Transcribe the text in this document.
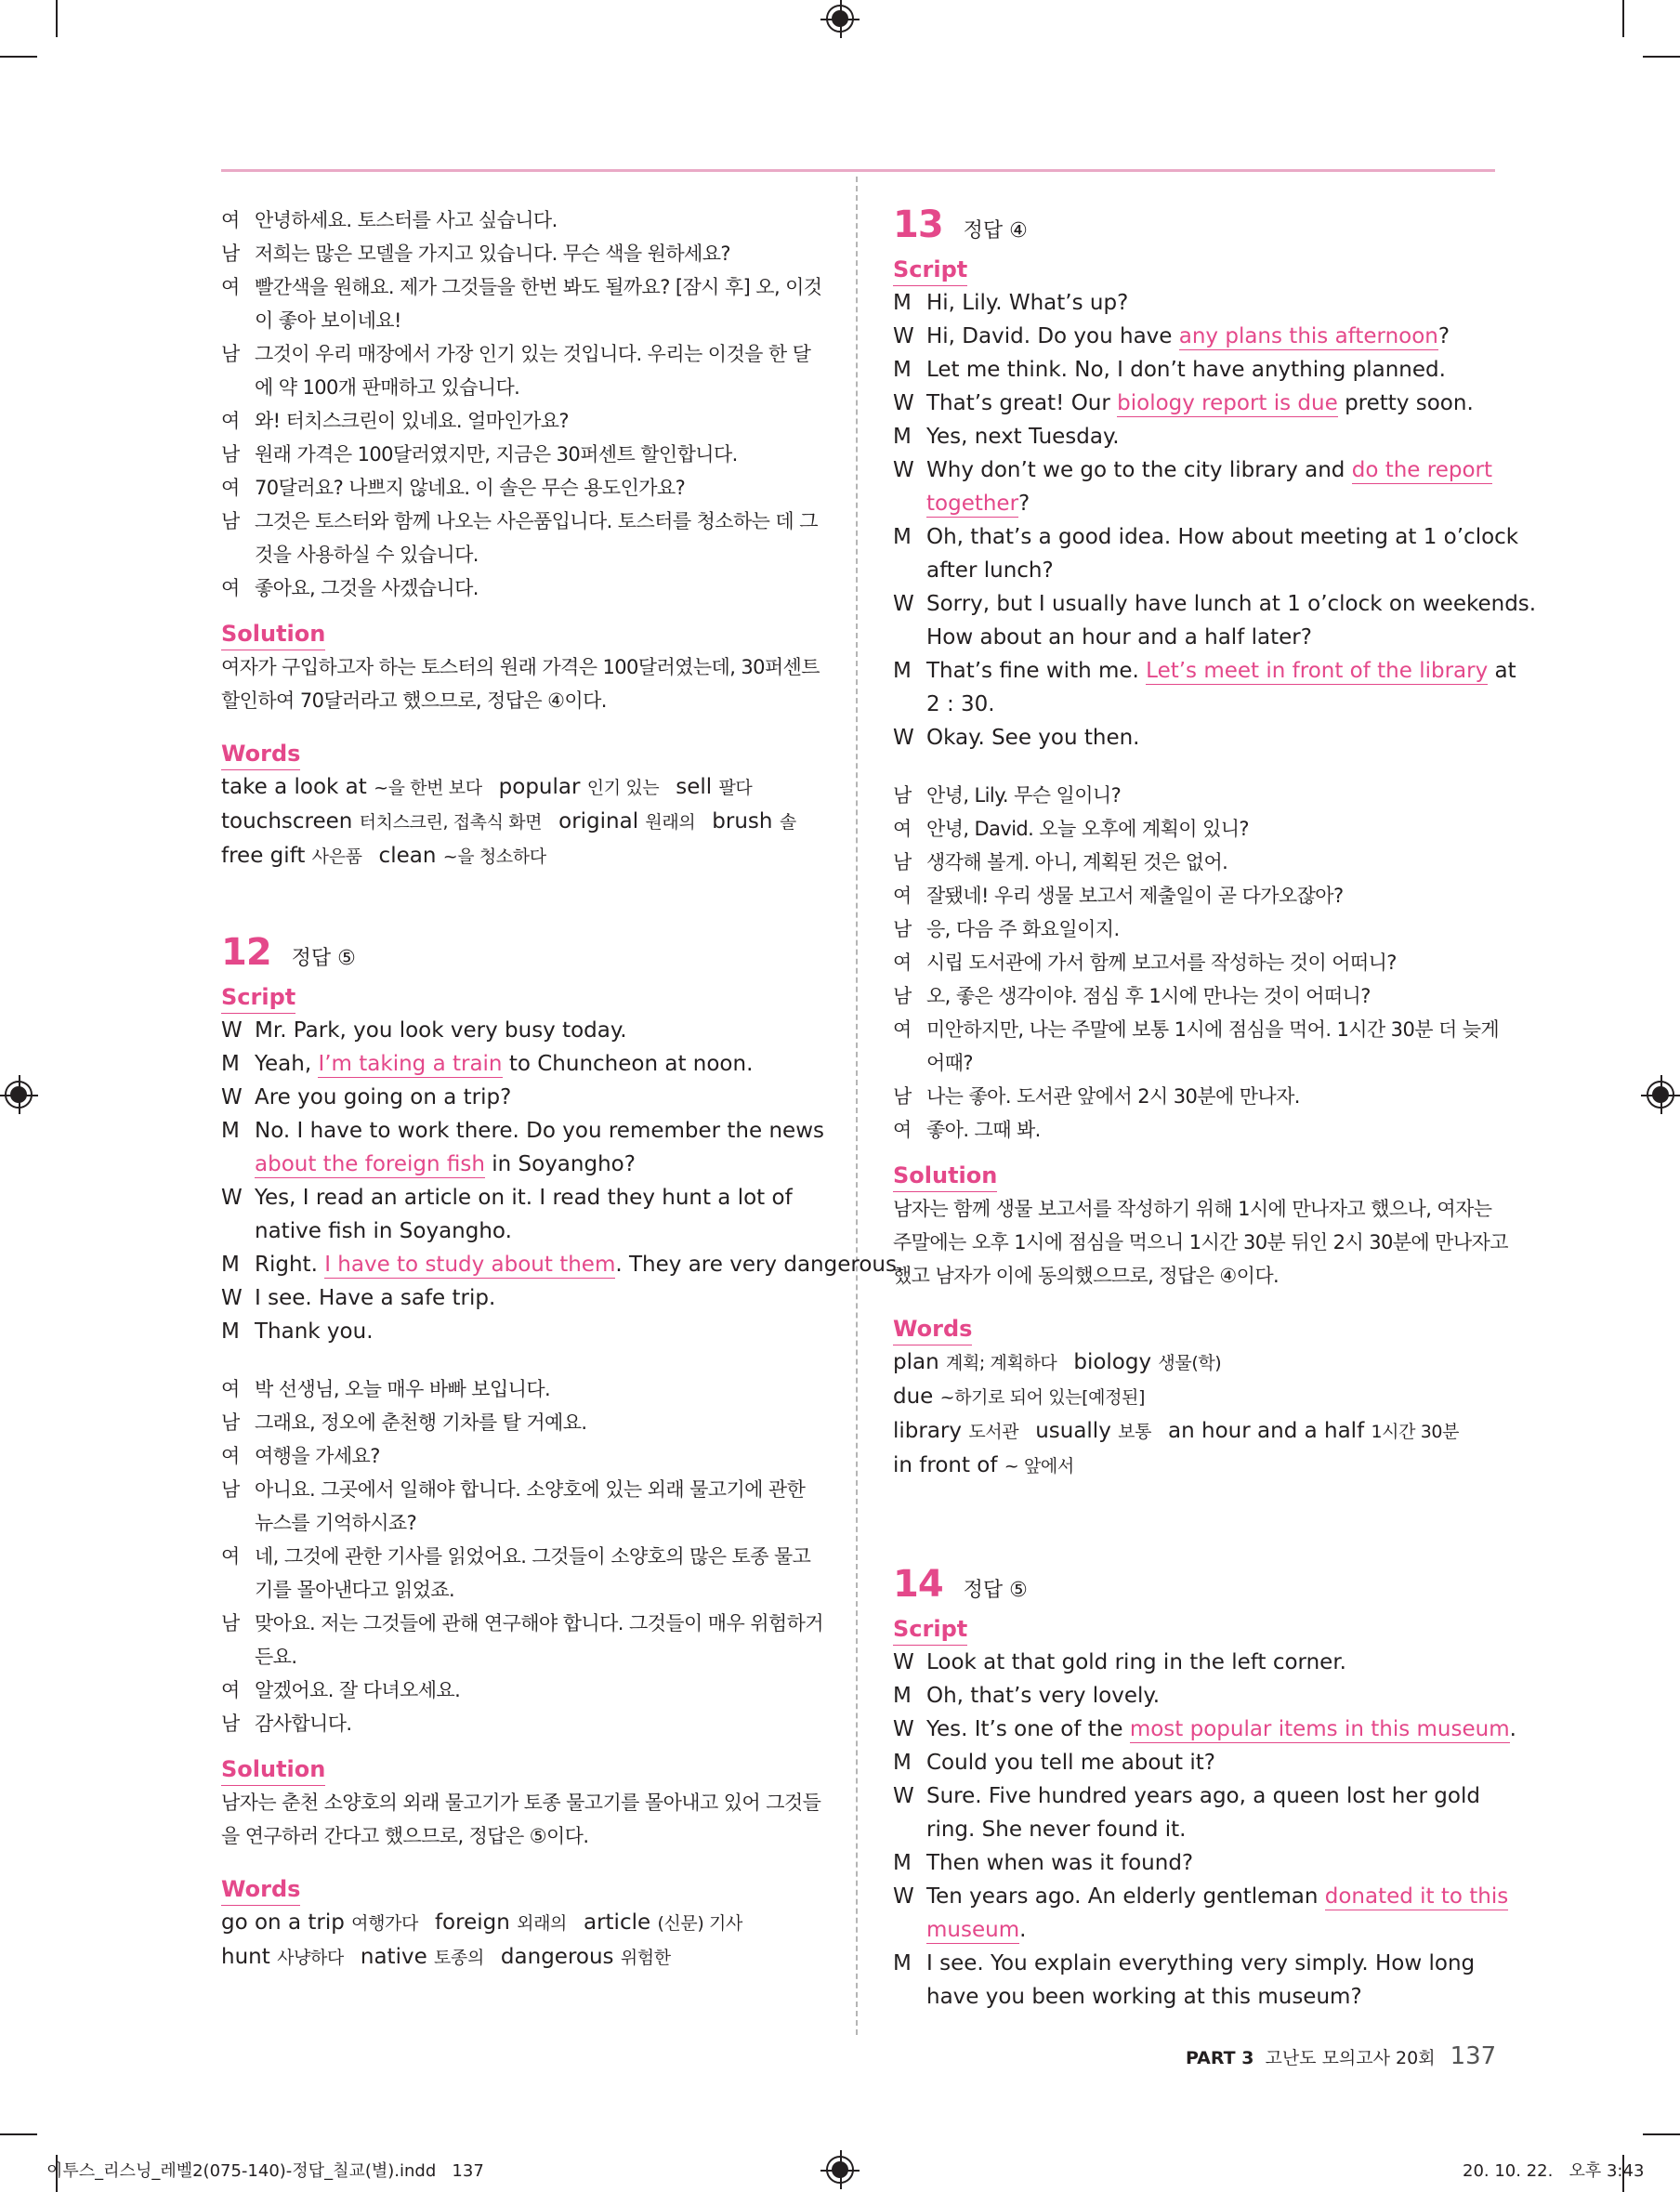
여 안녕하세요. 토스터를 사고 싶습니다.
남 저희는 많은 모델을 가지고 있습니다. 무슨 색을 원하세요?
여 빨간색을 원해요. 제가 그것들을 한번 봐도 될까요? [잠시 후] 오, 이것
이 좋아 보이네요!
남 그것이 우리 매장에서 가장 인기 있는 것입니다. 우리는 이것을 한 달
에 약 100개 판매하고 있습니다.
여 와! 터치스크린이 있네요. 얼마인가요?
남 원래 가격은 100달러였지만, 지금은 30퍼센트 할인합니다.
여 70달러요? 나쁘지 않네요. 이 솔은 무슨 용도인가요?
남 그것은 토스터와 함께 나오는 사은품입니다. 토스터를 청소하는 데 그
것을 사용하실 수 있습니다.
여 좋아요, 그것을 사겠습니다.
Solution
여자가 구입하고자 하는 토스터의 원래 가격은 100달러였는데, 30퍼센트
할인하여 70달러라고 했으므로, 정답은 ④이다.
Words
take a look at ~을 한번 보다 popular 인기 있는 sell 팔다
touchscreen 터치스크린, 접촉식 화면 original 원래의 brush 솔
free gift 사은품 clean ~을 청소하다
12 정답 ⑤
Script
W Mr. Park, you look very busy today.
M Yeah, I’m taking a train to Chuncheon at noon.
W Are you going on a trip?
M No. I have to work there. Do you remember the news
about the foreign fish in Soyangho?
W Yes, I read an article on it. I read they hunt a lot of
native fish in Soyangho.
M Right. I have to study about them. They are very dangerous.
W I see. Have a safe trip.
M Thank you.
여 박 선생님, 오늘 매우 바빠 보입니다.
남 그래요, 정오에 춘천행 기차를 탈 거예요.
여 여행을 가세요?
남 아니요. 그곳에서 일해야 합니다. 소양호에 있는 외래 물고기에 관한
뉴스를 기억하시죠?
여 네, 그것에 관한 기사를 읽었어요. 그것들이 소양호의 많은 토종 물고
기를 몰아낸다고 읽었죠.
남 맞아요. 저는 그것들에 관해 연구해야 합니다. 그것들이 매우 위험하거
든요.
여 알겠어요. 잘 다녀오세요.
남 감사합니다.
Solution
남자는 춘천 소양호의 외래 물고기가 토종 물고기를 몰아내고 있어 그것들
을 연구하러 간다고 했으므로, 정답은 ⑤이다.
Words
go on a trip 여행가다 foreign 외래의 article (신문) 기사
hunt 사냥하다 native 토종의 dangerous 위험한
13 정답 ④
Script
M Hi, Lily. What’s up?
W Hi, David. Do you have any plans this afternoon?
M Let me think. No, I don’t have anything planned.
W That’s great! Our biology report is due pretty soon.
M Yes, next Tuesday.
W Why don’t we go to the city library and do the report
together?
M Oh, that’s a good idea. How about meeting at 1 o’clock
after lunch?
W Sorry, but I usually have lunch at 1 o’clock on weekends.
How about an hour and a half later?
M That’s fine with me. Let’s meet in front of the library at
2 : 30.
W Okay. See you then.
남 안녕, Lily. 무슨 일이니?
여 안녕, David. 오늘 오후에 계획이 있니?
남 생각해 볼게. 아니, 계획된 것은 없어.
여 잘됐네! 우리 생물 보고서 제출일이 곧 다가오잖아?
남 응, 다음 주 화요일이지.
여 시립 도서관에 가서 함께 보고서를 작성하는 것이 어떠니?
남 오, 좋은 생각이야. 점심 후 1시에 만나는 것이 어떠니?
여 미안하지만, 나는 주말에 보통 1시에 점심을 먹어. 1시간 30분 더 늦게
어때?
남 나는 좋아. 도서관 앞에서 2시 30분에 만나자.
여 좋아. 그때 봐.
Solution
남자는 함께 생물 보고서를 작성하기 위해 1시에 만나자고 했으나, 여자는
주말에는 오후 1시에 점심을 먹으니 1시간 30분 뒤인 2시 30분에 만나자고
했고 남자가 이에 동의했으므로, 정답은 ④이다.
Words
plan 계획; 계획하다 biology 생물(학)due ~하기로 되어 있는[예정된]
library 도서관 usually 보통 an hour and a half 1시간 30분
in front of ~ 앞에서
14 정답 ⑤
Script
W Look at that gold ring in the left corner.
M Oh, that’s very lovely.
W Yes. It’s one of the most popular items in this museum.
M Could you tell me about it?
W Sure. Five hundred years ago, a queen lost her gold
ring. She never found it.
M Then when was it found?
W Ten years ago. An elderly gentleman donated it to this
museum.
M I see. You explain everything very simply. How long
have you been working at this museum?
PART 3 고난도 모의고사 20회 137
이투스_리스닝_레벨2(075-140)-정답_칠교(별).indd   137	20. 10. 22.   오후 3:43
